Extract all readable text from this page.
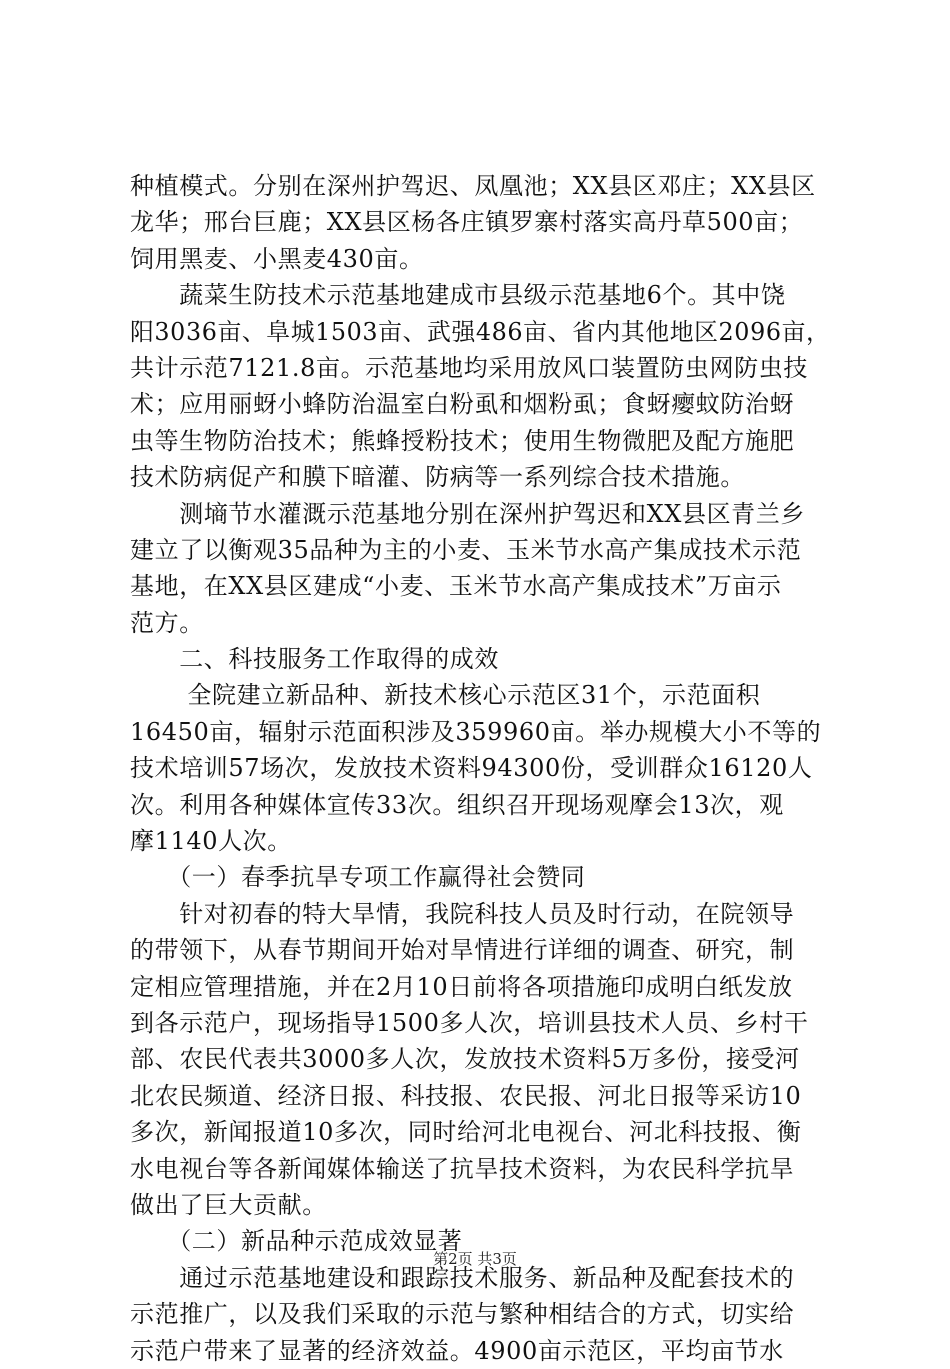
种植模式。分别在深州护驾迟、凤凰池；XX县区邓庄；XX县区
龙华；邢台巨鹿；XX县区杨各庄镇罗寨村落实高丹草500亩；
饲用黑麦、小黑麦430亩。
　　蔬菜生防技术示范基地建成市县级示范基地6个。其中饶
阳3036亩、阜城1503亩、武强486亩、省内其他地区2096亩，
共计示范7121.8亩。示范基地均采用放风口装置防虫网防虫技
术；应用丽蚜小蜂防治温室白粉虱和烟粉虱；食蚜瘿蚊防治蚜
虫等生物防治技术；熊蜂授粉技术；使用生物微肥及配方施肥
技术防病促产和膜下暗灌、防病等一系列综合技术措施。
　　测墒节水灌溉示范基地分别在深州护驾迟和XX县区青兰乡
建立了以衡观35品种为主的小麦、玉米节水高产集成技术示范
基地，在XX县区建成“小麦、玉米节水高产集成技术”万亩示
范方。
　　二、科技服务工作取得的成效
　　 全院建立新品种、新技术核心示范区31个，示范面积
16450亩，辐射示范面积涉及359960亩。举办规模大小不等的
技术培训57场次，发放技术资料94300份，受训群众16120人
次。利用各种媒体宣传33次。组织召开现场观摩会13次，观
摩1140人次。
　　（一）春季抗旱专项工作赢得社会赞同
　　针对初春的特大旱情，我院科技人员及时行动，在院领导
的带领下，从春节期间开始对旱情进行详细的调查、研究，制
定相应管理措施，并在2月10日前将各项措施印成明白纸发放
到各示范户，现场指导1500多人次，培训县技术人员、乡村干
部、农民代表共3000多人次，发放技术资料5万多份，接受河
北农民频道、经济日报、科技报、农民报、河北日报等采访10
多次，新闻报道10多次，同时给河北电视台、河北科技报、衡
水电视台等各新闻媒体输送了抗旱技术资料，为农民科学抗旱
做出了巨大贡献。
　　（二）新品种示范成效显著
　　通过示范基地建设和跟踪技术服务、新品种及配套技术的
示范推广，以及我们采取的示范与繁种相结合的方式，切实给
示范户带来了显著的经济效益。4900亩示范区，平均亩节水
第2页 共3页
